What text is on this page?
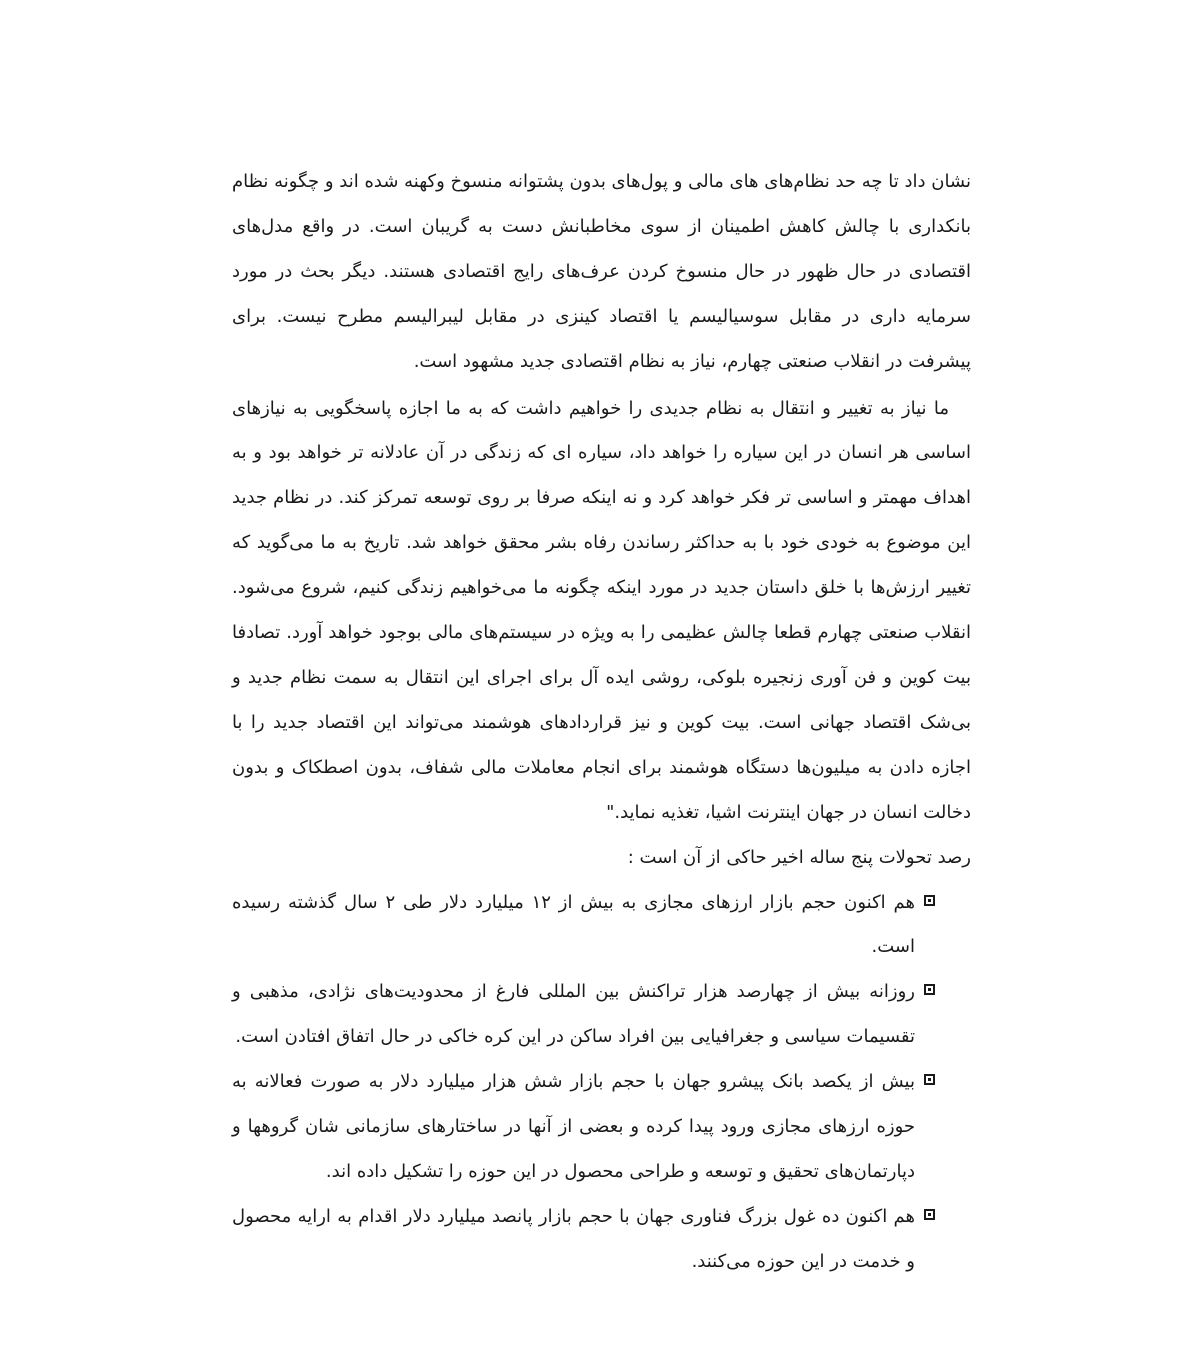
نشان داد تا چه حد نظام‌های های مالی و پول‌های بدون پشتوانه منسوخ وکهنه شده اند و چگونه نظام بانکداری با چالش کاهش اطمینان از سوی مخاطبانش دست به گریبان است. در واقع مدل‌های اقتصادی در حال ظهور در حال منسوخ کردن عرف‌های رایج اقتصادی هستند. دیگر بحث در مورد سرمایه داری در مقابل سوسیالیسم یا اقتصاد کینزی در مقابل لیبرالیسم مطرح نیست. برای پیشرفت در انقلاب صنعتی چهارم، نیاز به نظام اقتصادی جدید مشهود است.

ما نیاز به تغییر و انتقال به نظام جدیدی را خواهیم داشت که به ما اجازه پاسخگویی به نیازهای اساسی هر انسان در این سیاره را خواهد داد، سیاره ای که زندگی در آن عادلانه تر خواهد بود و به اهداف مهمتر و اساسی تر فکر خواهد کرد و نه اینکه صرفا بر روی توسعه تمرکز کند. در نظام جدید این موضوع به خودی خود با به حداکثر رساندن رفاه بشر محقق خواهد شد. تاریخ به ما می‌گوید که تغییر ارزش‌ها با خلق داستان جدید در مورد اینکه چگونه ما می‌خواهیم زندگی کنیم، شروع می‌شود. انقلاب صنعتی چهارم قطعا چالش عظیمی را به ویژه در سیستم‌های مالی بوجود خواهد آورد. تصادفا بیت کوین و فن آوری زنجیره بلوکی، روشی ایده آل برای اجرای این انتقال به سمت نظام جدید و بی‌شک اقتصاد جهانی است. بیت کوین و نیز قراردادهای هوشمند می‌تواند این اقتصاد جدید را با اجازه دادن به میلیون‌ها دستگاه هوشمند برای انجام معاملات مالی شفاف، بدون اصطکاک و بدون دخالت انسان در جهان اینترنت اشیا، تغذیه نماید."

رصد تحولات پنج ساله اخیر حاکی از آن است :

هم اکنون حجم بازار ارزهای مجازی به بیش از ۱۲ میلیارد دلار طی ۲ سال گذشته رسیده است.
روزانه بیش از چهارصد هزار تراکنش بین المللی فارغ از محدودیت‌های نژادی، مذهبی و تقسیمات سیاسی و جغرافیایی بین افراد ساکن در این کره خاکی در حال اتفاق افتادن است.
بیش از یکصد بانک پیشرو جهان با حجم بازار شش هزار میلیارد دلار به صورت فعالانه به حوزه ارزهای مجازی ورود پیدا کرده و بعضی از آنها در ساختارهای سازمانی شان گروهها و دپارتمان‌های تحقیق و توسعه و طراحی محصول در این حوزه را تشکیل داده اند.
هم اکنون ده غول بزرگ فناوری جهان با حجم بازار پانصد میلیارد دلار اقدام به ارایه محصول و خدمت در این حوزه می‌کنند.
